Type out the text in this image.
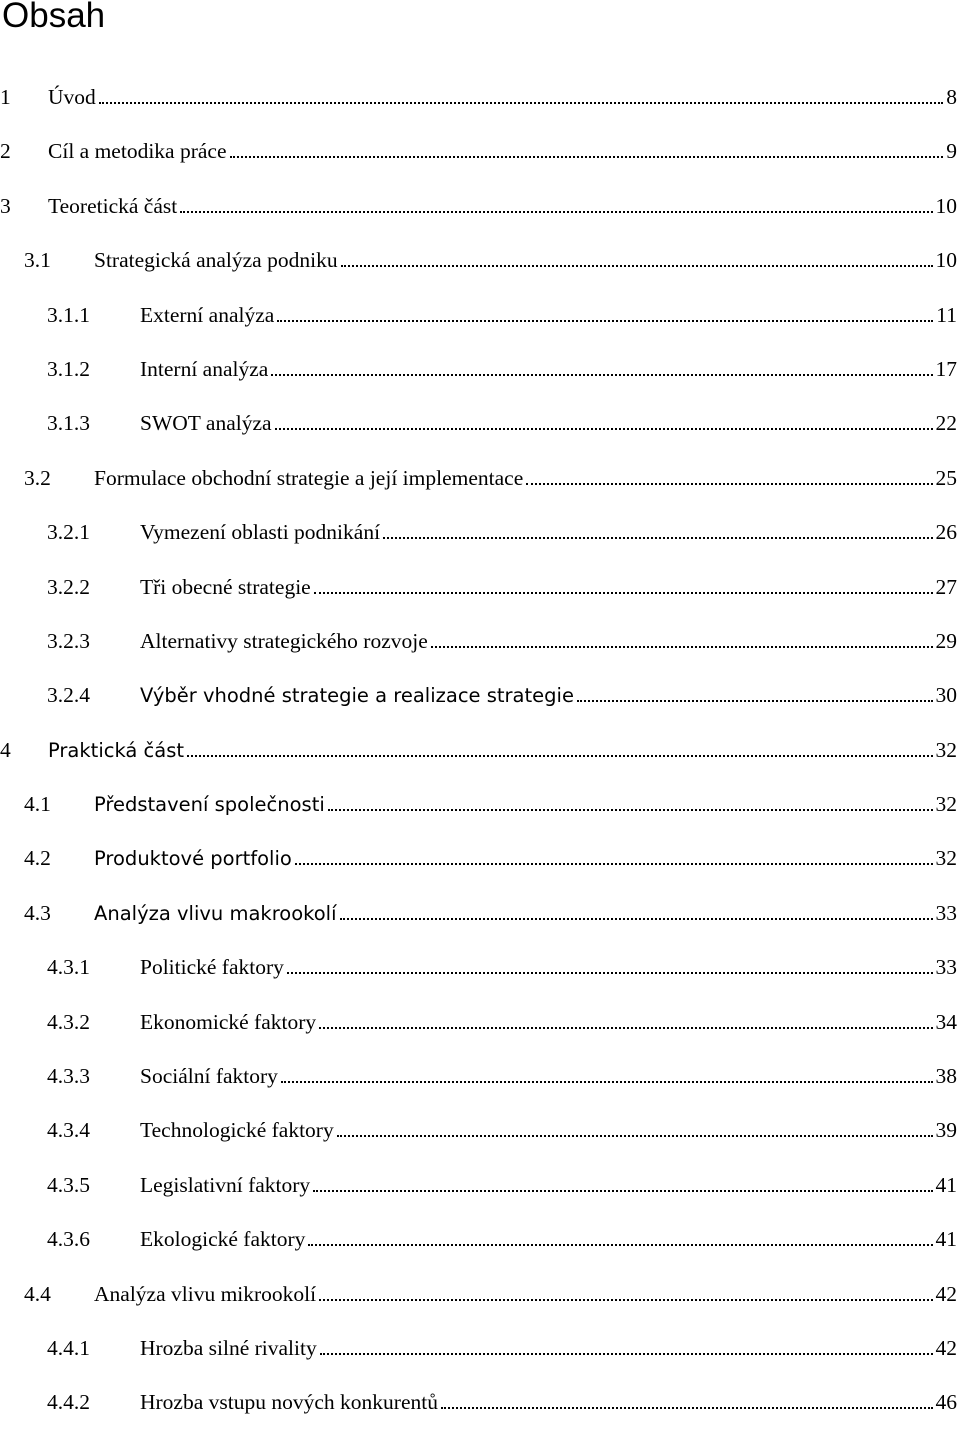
Obsah
1	Úvod	8
2	Cíl a metodika práce	9
3	Teoretická část	10
3.1	Strategická analýza podniku	10
3.1.1	Externí analýza	11
3.1.2	Interní analýza	17
3.1.3	SWOT analýza	22
3.2	Formulace obchodní strategie a její implementace	25
3.2.1	Vymezení oblasti podnikání	26
3.2.2	Tři obecné strategie	27
3.2.3	Alternativy strategického rozvoje	29
3.2.4	Výběr vhodné strategie a realizace strategie	30
4	Praktická část	32
4.1	Představení společnosti	32
4.2	Produktové portfolio	32
4.3	Analýza vlivu makrookolí	33
4.3.1	Politické faktory	33
4.3.2	Ekonomické faktory	34
4.3.3	Sociální faktory	38
4.3.4	Technologické faktory	39
4.3.5	Legislativní faktory	41
4.3.6	Ekologické faktory	41
4.4	Analýza vlivu mikrookolí	42
4.4.1	Hrozba silné rivality	42
4.4.2	Hrozba vstupu nových konkurentů	46
